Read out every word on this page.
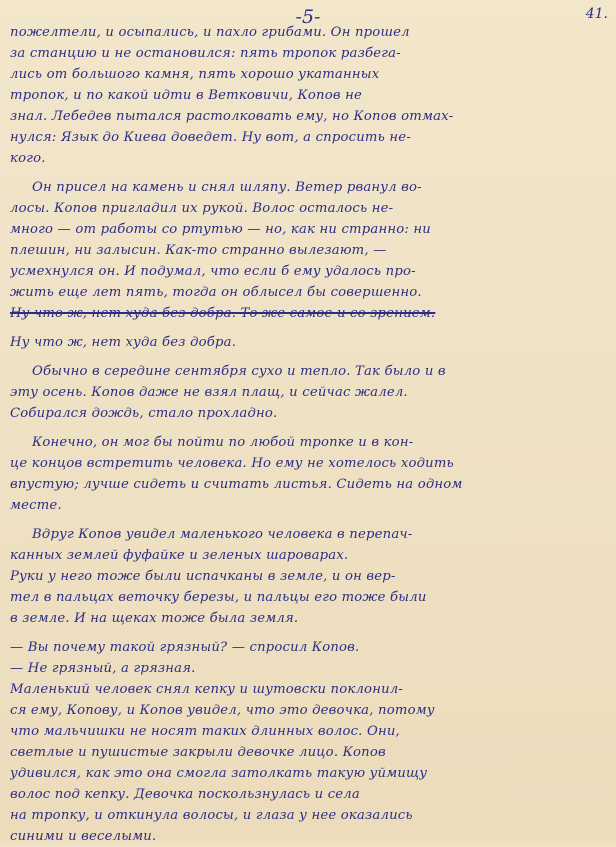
-5-	41.
пожелтели, и осыпались, и пахло грибами. Он прошел
за станцию и не остановился: пять тропок разбега-
лись от большого камня, пять хорошо укатанных
тропок, и по какой идти в Ветковичи, Копов не
знал. Лебедев пытался растолковать ему, но Копов отмах-
нулся: Язык до Киева доведет. Ну вот, а спросить не-
кого.
Он присел на камень и снял шляпу. Ветер рванул во-
лосы. Копов пригладил их рукой. Волос осталось не-
много — от работы со ртутью — но, как ни странно: ни
плешин, ни залысин. Как-то странно вылезают, —
усмехнулся он. И подумал, что если б ему удалось про-
жить еще лет пять, тогда он облысел бы совершенно.
Ну что ж, нет худа без добра. То же самое и со зрением.
Ну что ж, нет худа без добра.
Обычно в середине сентября сухо и тепло. Так было и в
эту осень. Копов даже не взял плащ, и сейчас жалел.
Собирался дождь, стало прохладно.
Конечно, он мог бы пойти по любой тропке и в кон-
це концов встретить человека. Но ему не хотелось ходить
впустую; лучше сидеть и считать листья. Сидеть на одном
месте.
Вдруг Копов увидел маленького человека в перепач-
канных землей фуфайке и зеленых шароварах.
Руки у него тоже были испачканы в земле, и он вер-
тел в пальцах веточку березы, и пальцы его тоже были
в земле. И на щеках тоже была земля.
— Вы почему такой грязный? — спросил Копов.
— Не грязный, а грязная.
Маленький человек снял кепку и шутовски поклонил-
ся ему, Копову, и Копов увидел, что это девочка, потому
что мальчишки не носят таких длинных волос. Они,
светлые и пушистые закрыли девочке лицо. Копов
удивился, как это она смогла затолкать такую уймищу
волос под кепку. Девочка поскользнулась и села
на тропку, и откинула волосы, и глаза у нее оказались
синими и веселыми.
